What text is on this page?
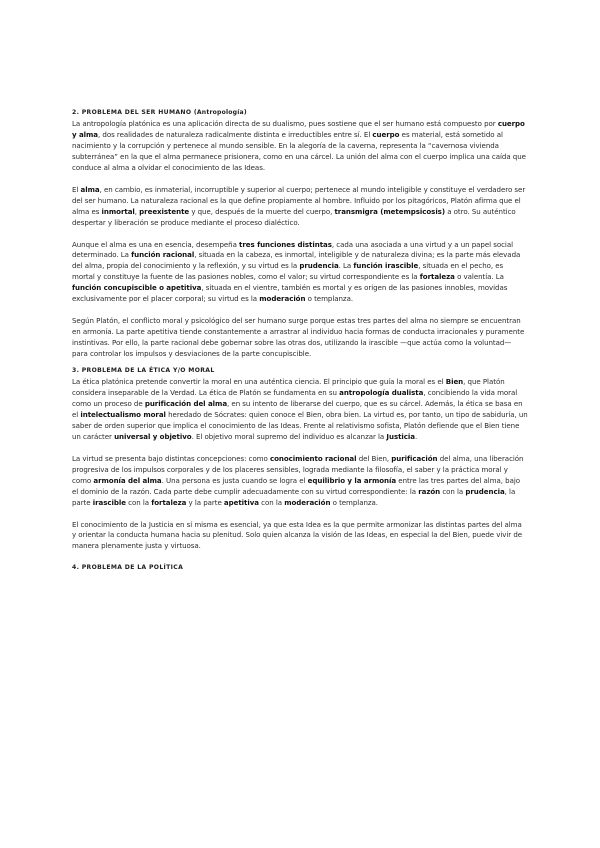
2. PROBLEMA DEL SER HUMANO (Antropología)

La antropología platónica es una aplicación directa de su dualismo, pues sostiene que el ser humano está compuesto por cuerpo y alma, dos realidades de naturaleza radicalmente distinta e irreductibles entre sí. El cuerpo es material, está sometido al nacimiento y la corrupción y pertenece al mundo sensible. En la alegoría de la caverna, representa la “cavernosa vivienda subterránea” en la que el alma permanece prisionera, como en una cárcel. La unión del alma con el cuerpo implica una caída que conduce al alma a olvidar el conocimiento de las Ideas.

El alma, en cambio, es inmaterial, incorruptible y superior al cuerpo; pertenece al mundo inteligible y constituye el verdadero ser del ser humano. La naturaleza racional es la que define propiamente al hombre. Influido por los pitagóricos, Platón afirma que el alma es inmortal, preexistente y que, después de la muerte del cuerpo, transmigra (metempsicosis) a otro. Su auténtico despertar y liberación se produce mediante el proceso dialéctico.

Aunque el alma es una en esencia, desempeña tres funciones distintas, cada una asociada a una virtud y a un papel social determinado. La función racional, situada en la cabeza, es inmortal, inteligible y de naturaleza divina; es la parte más elevada del alma, propia del conocimiento y la reflexión, y su virtud es la prudencia. La función irascible, situada en el pecho, es mortal y constituye la fuente de las pasiones nobles, como el valor; su virtud correspondiente es la fortaleza o valentía. La función concupiscible o apetitiva, situada en el vientre, también es mortal y es origen de las pasiones innobles, movidas exclusivamente por el placer corporal; su virtud es la moderación o templanza.

Según Platón, el conflicto moral y psicológico del ser humano surge porque estas tres partes del alma no siempre se encuentran en armonía. La parte apetitiva tiende constantemente a arrastrar al individuo hacia formas de conducta irracionales y puramente instintivas. Por ello, la parte racional debe gobernar sobre las otras dos, utilizando la irascible —que actúa como la voluntad— para controlar los impulsos y desviaciones de la parte concupiscible.

3. PROBLEMA DE LA ÉTICA Y/O MORAL

La ética platónica pretende convertir la moral en una auténtica ciencia. El principio que guía la moral es el Bien, que Platón considera inseparable de la Verdad. La ética de Platón se fundamenta en su antropología dualista, concibiendo la vida moral como un proceso de purificación del alma, en su intento de liberarse del cuerpo, que es su cárcel. Además, la ética se basa en el intelectualismo moral heredado de Sócrates: quien conoce el Bien, obra bien. La virtud es, por tanto, un tipo de sabiduría, un saber de orden superior que implica el conocimiento de las Ideas. Frente al relativismo sofista, Platón defiende que el Bien tiene un carácter universal y objetivo. El objetivo moral supremo del individuo es alcanzar la Justicia.

La virtud se presenta bajo distintas concepciones: como conocimiento racional del Bien, purificación del alma, una liberación progresiva de los impulsos corporales y de los placeres sensibles, lograda mediante la filosofía, el saber y la práctica moral y como armonía del alma. Una persona es justa cuando se logra el equilibrio y la armonía entre las tres partes del alma, bajo el dominio de la razón. Cada parte debe cumplir adecuadamente con su virtud correspondiente: la razón con la prudencia, la parte irascible con la fortaleza y la parte apetitiva con la moderación o templanza.

El conocimiento de la Justicia en sí misma es esencial, ya que esta Idea es la que permite armonizar las distintas partes del alma y orientar la conducta humana hacia su plenitud. Solo quien alcanza la visión de las Ideas, en especial la del Bien, puede vivir de manera plenamente justa y virtuosa.

4. PROBLEMA DE LA POLÍTICA
